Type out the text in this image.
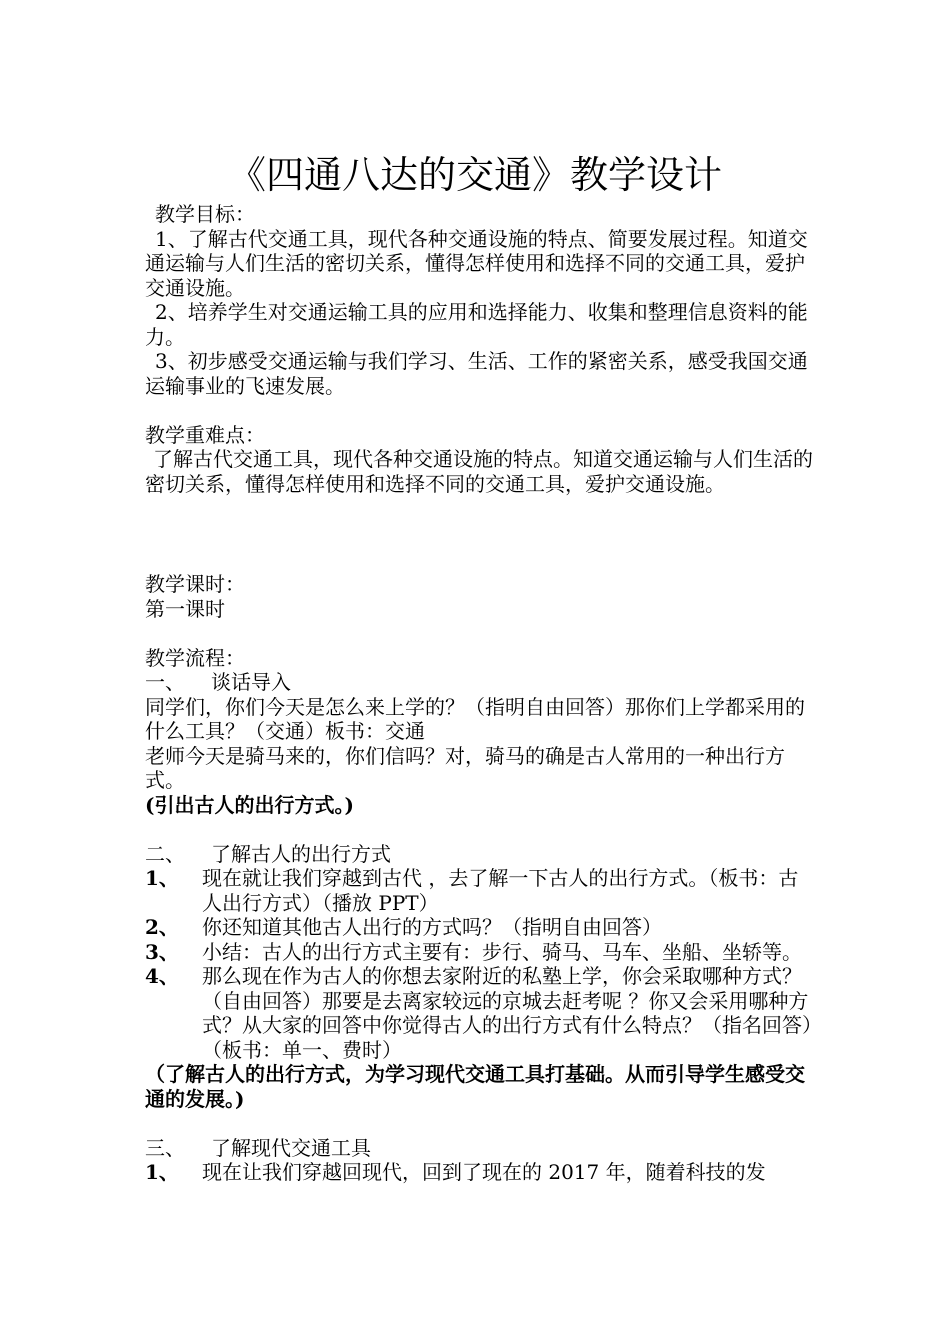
《四通八达的交通》教学设计

教学目标：

1、了解古代交通工具，现代各种交通设施的特点、简要发展过程。知道交通运输与人们生活的密切关系，懂得怎样使用和选择不同的交通工具，爱护交通设施。

2、培养学生对交通运输工具的应用和选择能力、收集和整理信息资料的能力。

3、初步感受交通运输与我们学习、生活、工作的紧密关系，感受我国交通运输事业的飞速发展。

教学重难点：

了解古代交通工具，现代各种交通设施的特点。知道交通运输与人们生活的密切关系，懂得怎样使用和选择不同的交通工具，爱护交通设施。

教学课时：

第一课时

教学流程：

一、	谈话导入

同学们，你们今天是怎么来上学的？（指明自由回答）那你们上学都采用的什么工具？（交通）板书：交通

老师今天是骑马来的，你们信吗？对，骑马的确是古人常用的一种出行方式。

(引出古人的出行方式。)

二、	了解古人的出行方式
1、	现在就让我们穿越到古代 ，去了解一下古人的出行方式。（板书：古人出行方式）（播放 PPT）
2、	你还知道其他古人出行的方式吗？（指明自由回答）
3、	小结：古人的出行方式主要有：步行、骑马、马车、坐船、坐轿等。
4、	那么现在作为古人的你想去家附近的私塾上学，你会采取哪种方式？（自由回答）那要是去离家较远的京城去赶考呢 ？你又会采用哪种方式？从大家的回答中你觉得古人的出行方式有什么特点？（指名回答）（板书：单一、费时）

（了解古人的出行方式，为学习现代交通工具打基础。从而引导学生感受交通的发展。)

三、	了解现代交通工具
1、	现在让我们穿越回现代，回到了现在的 2017 年，随着科技的发
